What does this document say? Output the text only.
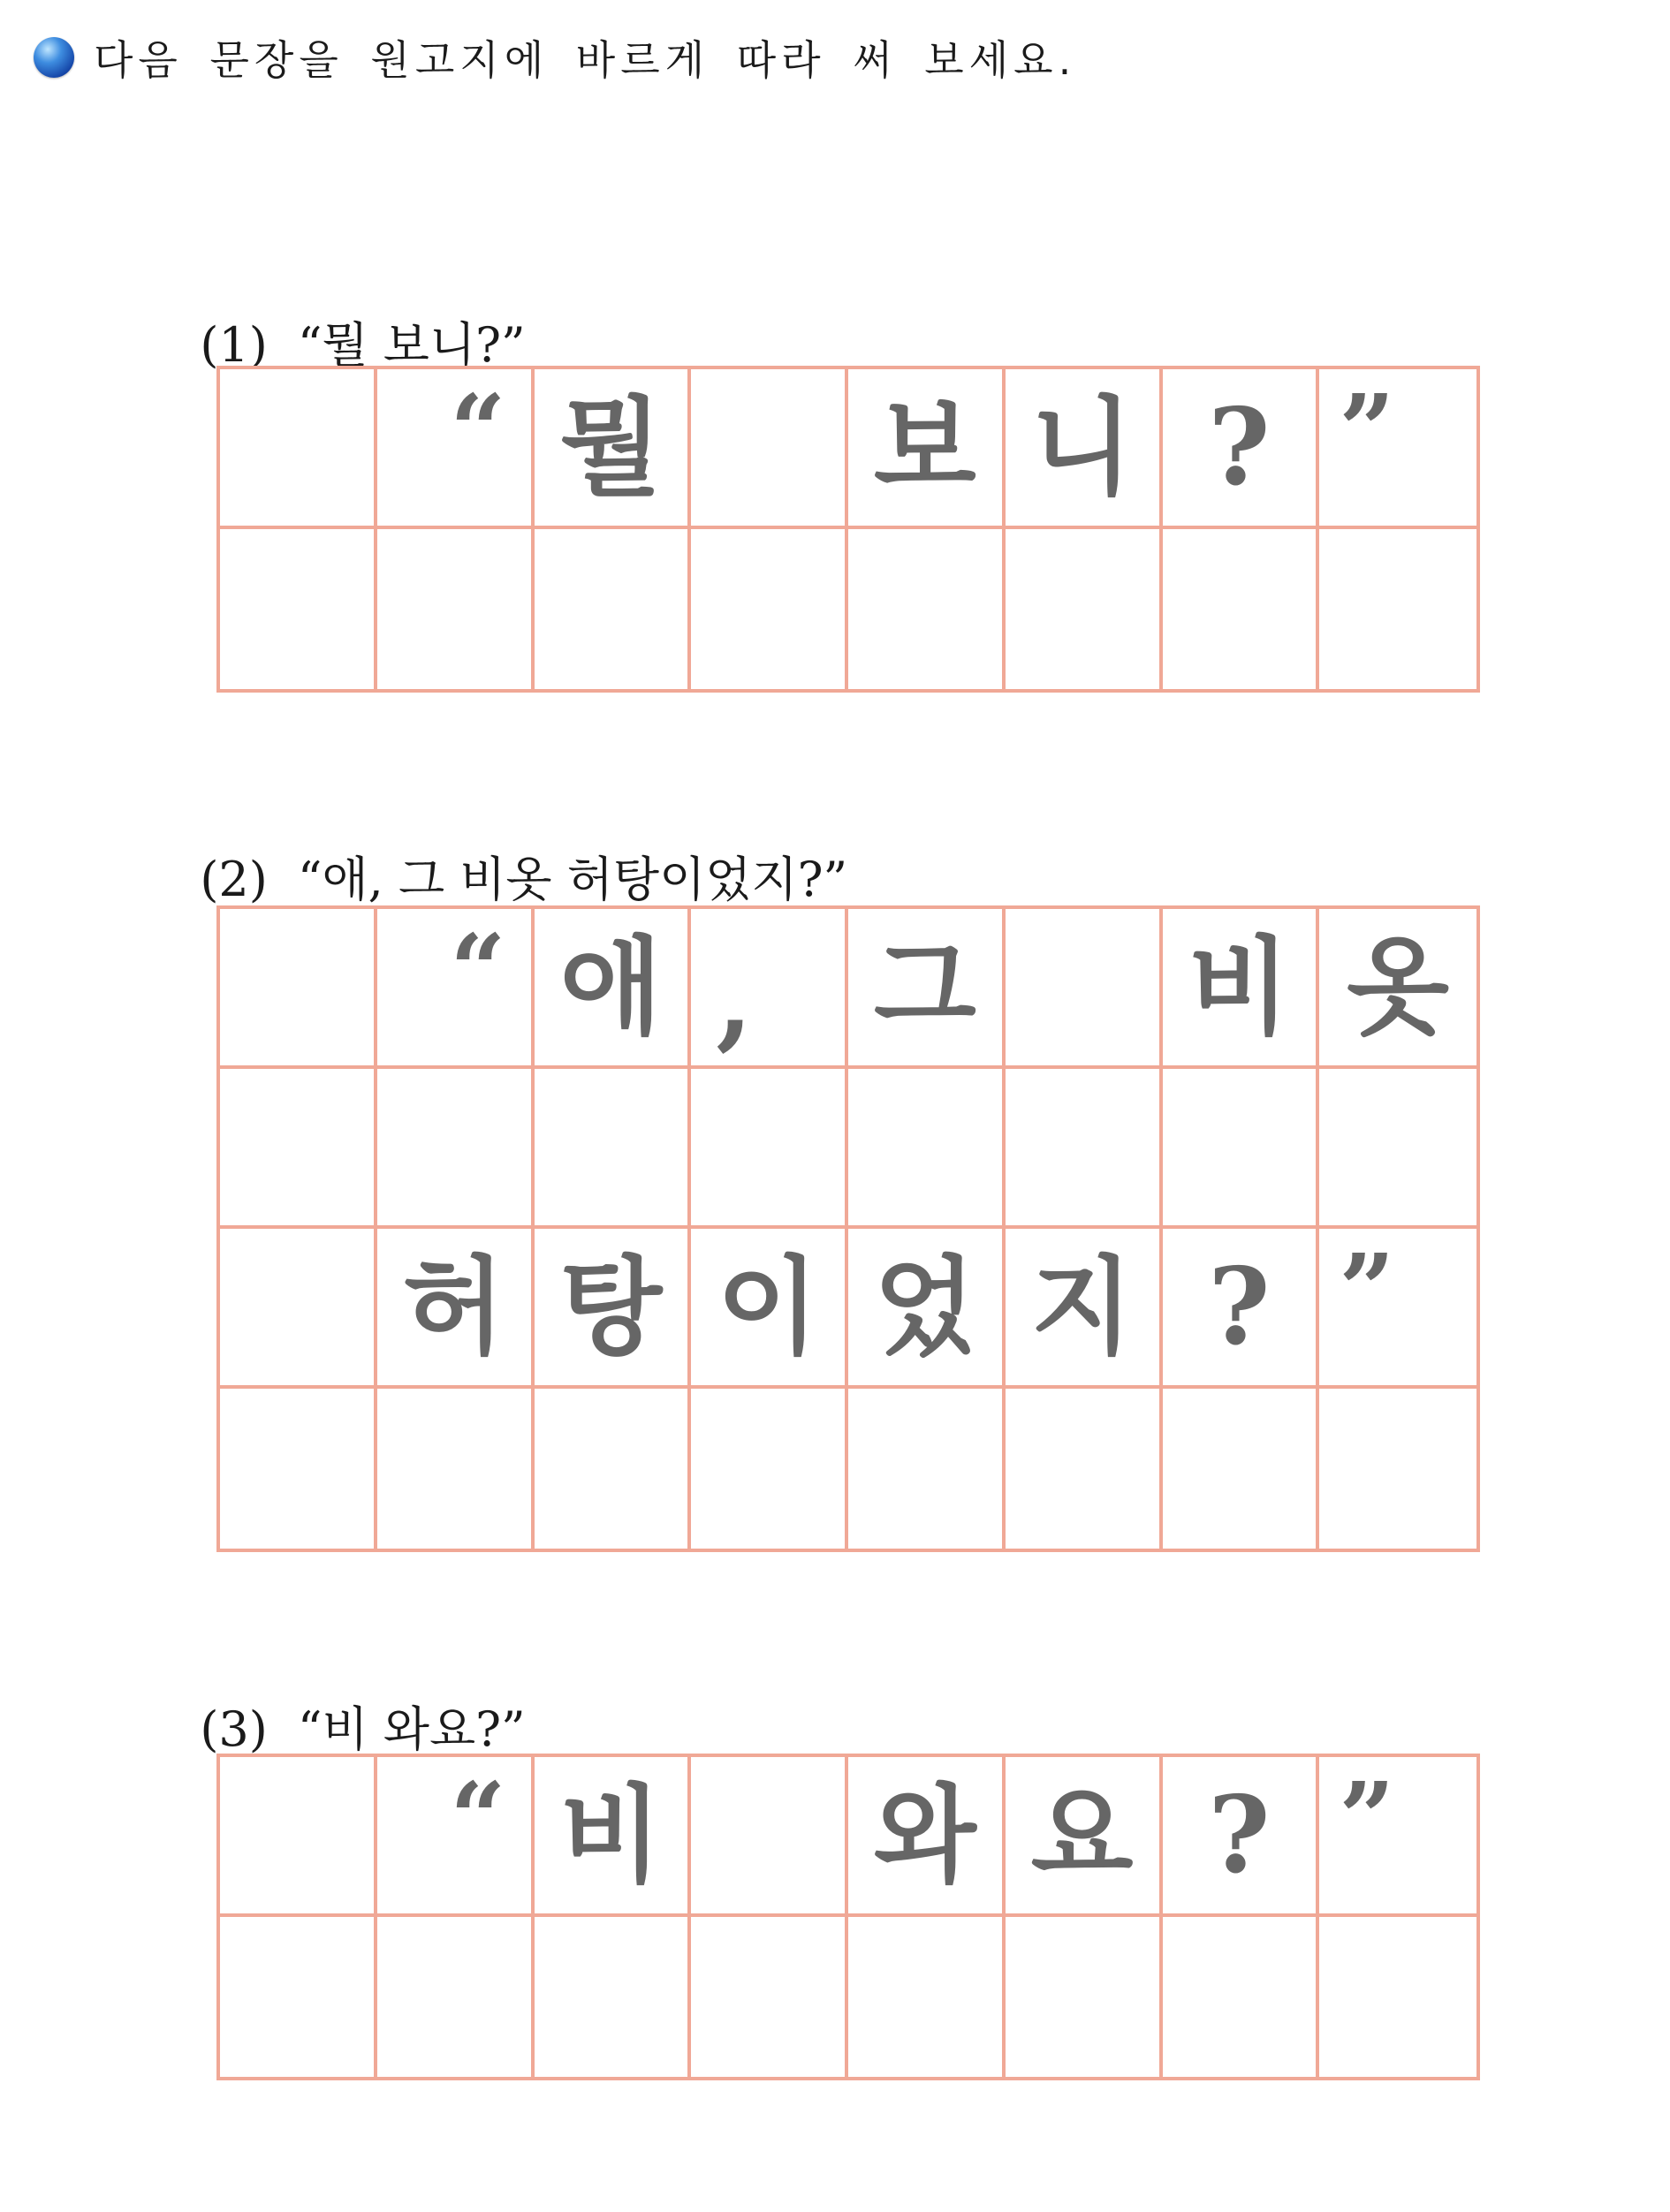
다음 문장을 원고지에 바르게 따라 써 보세요.

(1) “뭘 보니?”

“ 뭘 보 니 ? ”

(2) “애, 그 비옷 허탕이었지?”

“ 애 ,	그 비 옷
허 탕 이 었 지 ? ”

(3) “비 와요?”

“ 비 와 요 ? ”
